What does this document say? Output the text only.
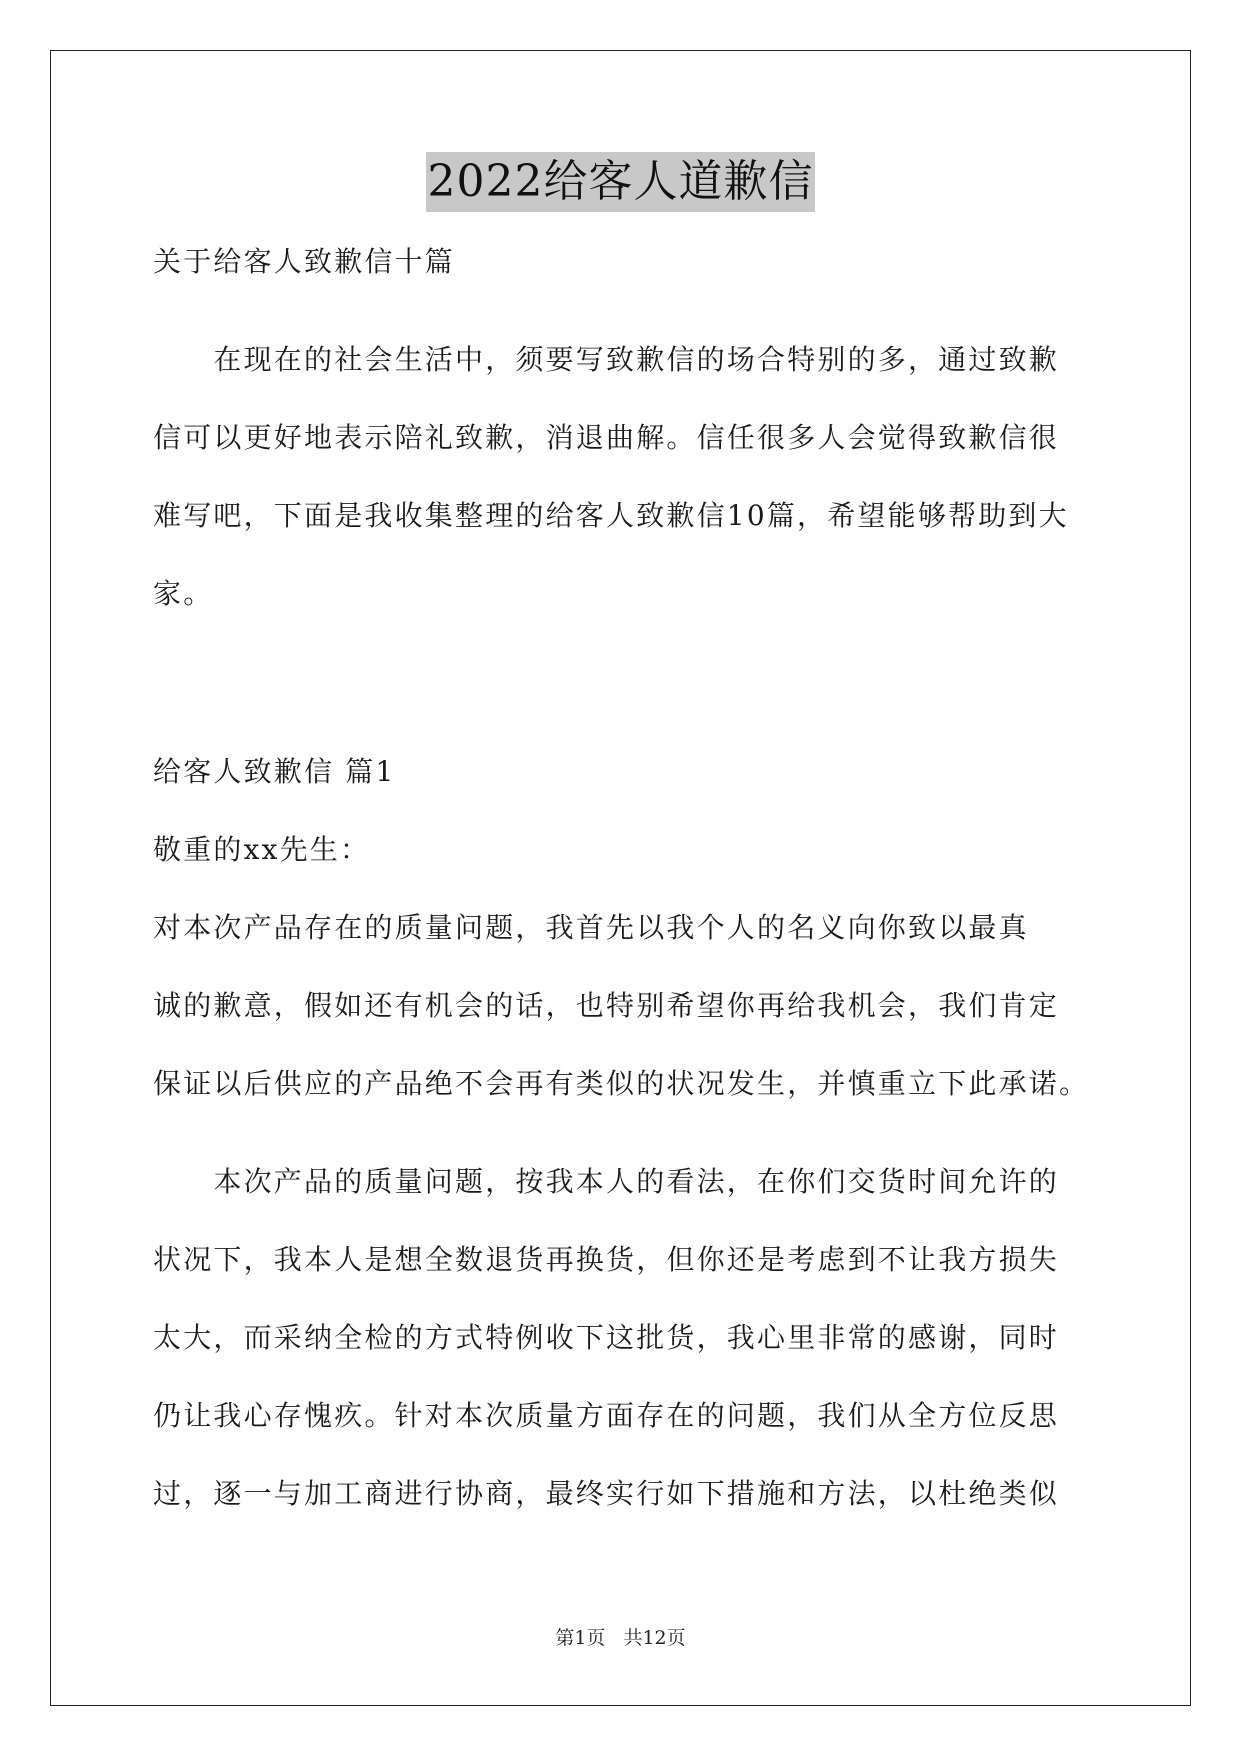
2022给客人道歉信
关于给客人致歉信十篇
　　在现在的社会生活中，须要写致歉信的场合特别的多，通过致歉
信可以更好地表示陪礼致歉，消退曲解。信任很多人会觉得致歉信很
难写吧，下面是我收集整理的给客人致歉信10篇，希望能够帮助到大
家。
给客人致歉信 篇1
敬重的xx先生：
对本次产品存在的质量问题，我首先以我个人的名义向你致以最真
诚的歉意，假如还有机会的话，也特别希望你再给我机会，我们肯定
保证以后供应的产品绝不会再有类似的状况发生，并慎重立下此承诺。
　　本次产品的质量问题，按我本人的看法，在你们交货时间允许的
状况下，我本人是想全数退货再换货，但你还是考虑到不让我方损失
太大，而采纳全检的方式特例收下这批货，我心里非常的感谢，同时
仍让我心存愧疚。针对本次质量方面存在的问题，我们从全方位反思
过，逐一与加工商进行协商，最终实行如下措施和方法，以杜绝类似
第1页 共12页
